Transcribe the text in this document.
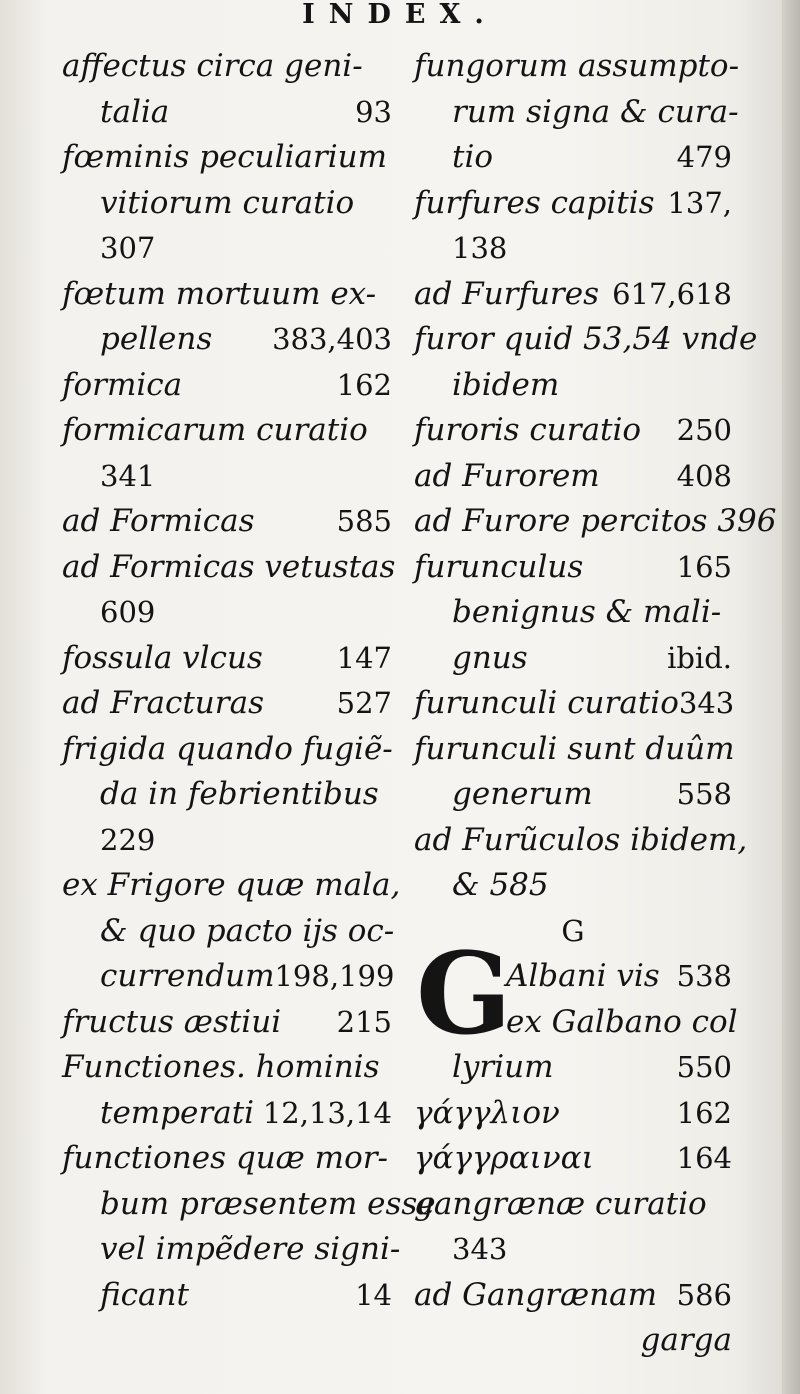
INDEX.
affectus circa geni-
talia	93
fœminis peculiarium
vitiorum curatio
307
fœtum mortuum ex-
pellens 383,403
formica	162
formicarum curatio
341
ad Formicas	585
ad Formicas vetustas
609
fossula vlcus	147
ad Fracturas	527
frigida quando fugiẽ-
da in febrientibus
229
ex Frigore quæ mala,
& quo pacto ijs oc-
currendum 198,199
fructus æstiui 215
Functiones. hominis
temperati 12,13,14
functiones quæ mor-
bum præsentem esse
vel impẽdere signi-
ficant	14
fungorum assumpto-
rum signa & cura-
tio	479
furfures capitis 137,
138
ad Furfures 617,618
furor quid 53,54 vnde
ibidem
furoris curatio 250
ad Furorem	408
ad Furore percitos 396
furunculus	165
benignus & mali-
gnus	ibid.
furunculi curatio 343
furunculi sunt duûm
generum	558
ad Furũculos ibidem,
& 585
G
G
Albani vis 538
ex Galbano col
lyrium	550
γάγγλιον	162
γάγγραιναι	164
gangrænæ curatio
343
ad Gangrænam 586
garga
